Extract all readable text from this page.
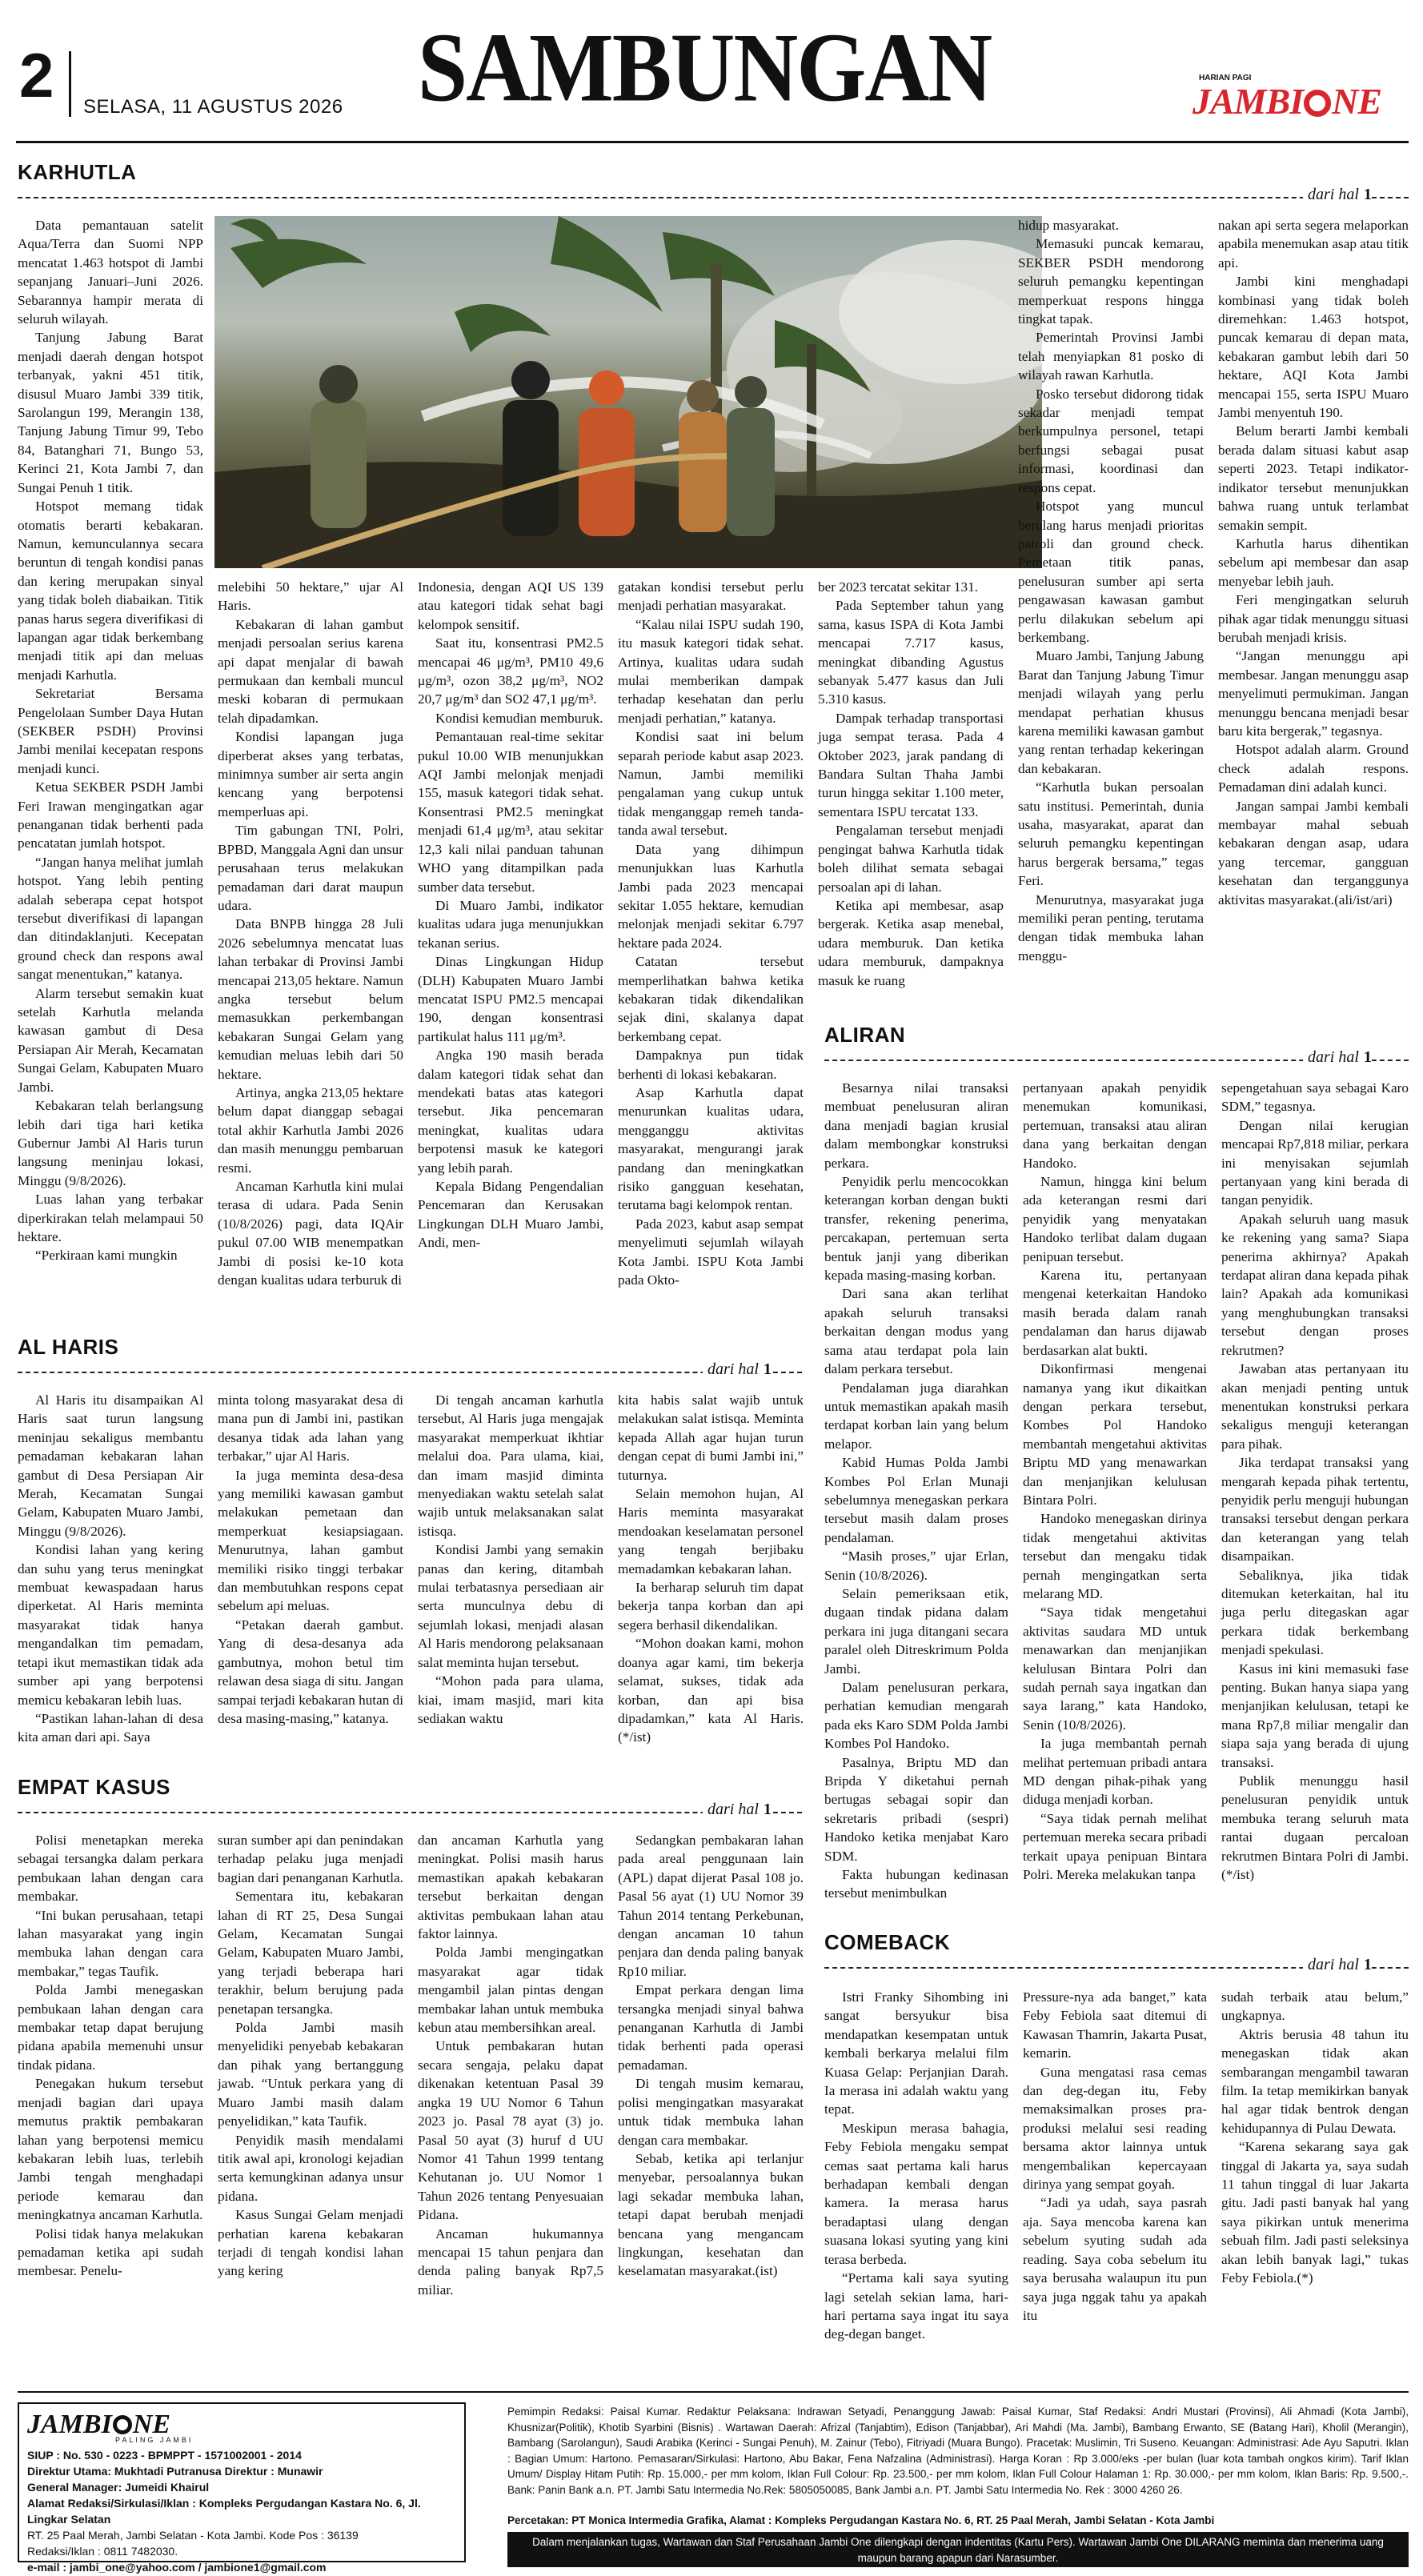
2 SELASA, 11 AGUSTUS 2026 SAMBUNGAN	HARIAN PAGI
JAMBI NE
KARHUTLA
dari hal 1

Data pemantauan satelit Aqua/Terra dan Suomi NPP mencatat 1.463 hotspot di Jambi sepanjang Januari–Juni 2026. Sebarannya hampir merata di seluruh wilayah.

Tanjung Jabung Barat menjadi daerah dengan hotspot terbanyak, yakni 451 titik, disusul Muaro Jambi 339 titik, Sarolangun 199, Merangin 138, Tanjung Jabung Timur 99, Tebo 84, Batanghari 71, Bungo 53, Kerinci 21, Kota Jambi 7, dan Sungai Penuh 1 titik.

Hotspot memang tidak otomatis berarti kebakaran. Namun, kemunculannya secara beruntun di tengah kondisi panas dan kering merupakan sinyal yang tidak boleh diabaikan. Titik panas harus segera diverifikasi di lapangan agar tidak berkembang menjadi titik api dan meluas menjadi Karhutla.

Sekretariat Bersama Pengelolaan Sumber Daya Hutan (SEKBER PSDH) Provinsi Jambi menilai kecepatan respons menjadi kunci.

Ketua SEKBER PSDH Jambi Feri Irawan mengingatkan agar penanganan tidak berhenti pada pencatatan jumlah hotspot.

“Jangan hanya melihat jumlah hotspot. Yang lebih penting adalah seberapa cepat hotspot tersebut diverifikasi di lapangan dan ditindaklanjuti. Kecepatan ground check dan respons awal sangat menentukan,” katanya.

Alarm tersebut semakin kuat setelah Karhutla melanda kawasan gambut di Desa Persiapan Air Merah, Kecamatan Sungai Gelam, Kabupaten Muaro Jambi.

Kebakaran telah berlangsung lebih dari tiga hari ketika Gubernur Jambi Al Haris turun langsung meninjau lokasi, Minggu (9/8/2026).

Luas lahan yang terbakar diperkirakan telah melampaui 50 hektare.

“Perkiraan kami mungkin

melebihi 50 hektare,” ujar Al Haris.

Kebakaran di lahan gambut menjadi persoalan serius karena api dapat menjalar di bawah permukaan dan kembali muncul meski kobaran di permukaan telah dipadamkan.

Kondisi lapangan juga diperberat akses yang terbatas, minimnya sumber air serta angin kencang yang berpotensi memperluas api.

Tim gabungan TNI, Polri, BPBD, Manggala Agni dan unsur perusahaan terus melakukan pemadaman dari darat maupun udara.

Data BNPB hingga 28 Juli 2026 sebelumnya mencatat luas lahan terbakar di Provinsi Jambi mencapai 213,05 hektare. Namun angka tersebut belum memasukkan perkembangan kebakaran Sungai Gelam yang kemudian meluas lebih dari 50 hektare.

Artinya, angka 213,05 hektare belum dapat dianggap sebagai total akhir Karhutla Jambi 2026 dan masih menunggu pembaruan resmi.

Ancaman Karhutla kini mulai terasa di udara. Pada Senin (10/8/2026) pagi, data IQAir pukul 07.00 WIB menempatkan Jambi di posisi ke-10 kota dengan kualitas udara terburuk di

Indonesia, dengan AQI US 139 atau kategori tidak sehat bagi kelompok sensitif.

Saat itu, konsentrasi PM2.5 mencapai 46 μg/m³, PM10 49,6 μg/m³, ozon 38,2 μg/m³, NO2 20,7 μg/m³ dan SO2 47,1 μg/m³.

Kondisi kemudian memburuk.

Pemantauan real-time sekitar pukul 10.00 WIB menunjukkan AQI Jambi melonjak menjadi 155, masuk kategori tidak sehat. Konsentrasi PM2.5 meningkat menjadi 61,4 μg/m³, atau sekitar 12,3 kali nilai panduan tahunan WHO yang ditampilkan pada sumber data tersebut.

Di Muaro Jambi, indikator kualitas udara juga menunjukkan tekanan serius.

Dinas Lingkungan Hidup (DLH) Kabupaten Muaro Jambi mencatat ISPU PM2.5 mencapai 190, dengan konsentrasi partikulat halus 111 μg/m³.

Angka 190 masih berada dalam kategori tidak sehat dan mendekati batas atas kategori tersebut. Jika pencemaran meningkat, kualitas udara berpotensi masuk ke kategori yang lebih parah.

Kepala Bidang Pengendalian Pencemaran dan Kerusakan Lingkungan DLH Muaro Jambi, Andi, men-

gatakan kondisi tersebut perlu menjadi perhatian masyarakat.

“Kalau nilai ISPU sudah 190, itu masuk kategori tidak sehat. Artinya, kualitas udara sudah mulai memberikan dampak terhadap kesehatan dan perlu menjadi perhatian,” katanya.

Kondisi saat ini belum separah periode kabut asap 2023. Namun, Jambi memiliki pengalaman yang cukup untuk tidak menganggap remeh tanda-tanda awal tersebut.

Data yang dihimpun menunjukkan luas Karhutla Jambi pada 2023 mencapai sekitar 1.055 hektare, kemudian melonjak menjadi sekitar 6.797 hektare pada 2024.

Catatan tersebut memperlihatkan bahwa ketika kebakaran tidak dikendalikan sejak dini, skalanya dapat berkembang cepat.

Dampaknya pun tidak berhenti di lokasi kebakaran.

Asap Karhutla dapat menurunkan kualitas udara, mengganggu aktivitas masyarakat, mengurangi jarak pandang dan meningkatkan risiko gangguan kesehatan, terutama bagi kelompok rentan.

Pada 2023, kabut asap sempat menyelimuti sejumlah wilayah Kota Jambi. ISPU Kota Jambi pada Okto-

ber 2023 tercatat sekitar 131.

Pada September tahun yang sama, kasus ISPA di Kota Jambi mencapai 7.717 kasus, meningkat dibanding Agustus sebanyak 5.477 kasus dan Juli 5.310 kasus.

Dampak terhadap transportasi juga sempat terasa. Pada 4 Oktober 2023, jarak pandang di Bandara Sultan Thaha Jambi turun hingga sekitar 1.100 meter, sementara ISPU tercatat 133.

Pengalaman tersebut menjadi pengingat bahwa Karhutla tidak boleh dilihat semata sebagai persoalan api di lahan.

Ketika api membesar, asap bergerak. Ketika asap menebal, udara memburuk. Dan ketika udara memburuk, dampaknya masuk ke ruang

hidup masyarakat.

Memasuki puncak kemarau, SEKBER PSDH mendorong seluruh pemangku kepentingan memperkuat respons hingga tingkat tapak.

Pemerintah Provinsi Jambi telah menyiapkan 81 posko di wilayah rawan Karhutla.

Posko tersebut didorong tidak sekadar menjadi tempat berkumpulnya personel, tetapi berfungsi sebagai pusat informasi, koordinasi dan respons cepat.

Hotspot yang muncul berulang harus menjadi prioritas patroli dan ground check. Pemetaan titik panas, penelusuran sumber api serta pengawasan kawasan gambut perlu dilakukan sebelum api berkembang.

Muaro Jambi, Tanjung Jabung Barat dan Tanjung Jabung Timur menjadi wilayah yang perlu mendapat perhatian khusus karena memiliki kawasan gambut yang rentan terhadap kekeringan dan kebakaran.

“Karhutla bukan persoalan satu institusi. Pemerintah, dunia usaha, masyarakat, aparat dan seluruh pemangku kepentingan harus bergerak bersama,” tegas Feri.

Menurutnya, masyarakat juga memiliki peran penting, terutama dengan tidak membuka lahan menggu-

nakan api serta segera melaporkan apabila menemukan asap atau titik api.

Jambi kini menghadapi kombinasi yang tidak boleh diremehkan: 1.463 hotspot, puncak kemarau di depan mata, kebakaran gambut lebih dari 50 hektare, AQI Kota Jambi mencapai 155, serta ISPU Muaro Jambi menyentuh 190.

Belum berarti Jambi kembali berada dalam situasi kabut asap seperti 2023. Tetapi indikator-indikator tersebut menunjukkan bahwa ruang untuk terlambat semakin sempit.

Karhutla harus dihentikan sebelum api membesar dan asap menyebar lebih jauh.

Feri mengingatkan seluruh pihak agar tidak menunggu situasi berubah menjadi krisis.

“Jangan menunggu api membesar. Jangan menunggu asap menyelimuti permukiman. Jangan menunggu bencana menjadi besar baru kita bergerak,” tegasnya.

Hotspot adalah alarm. Ground check adalah respons. Pemadaman dini adalah kunci.

Jangan sampai Jambi kembali membayar mahal sebuah kebakaran dengan asap, udara yang tercemar, gangguan kesehatan dan terganggunya aktivitas masyarakat.(ali/ist/ari)

AL HARIS
dari hal 1

Al Haris itu disampaikan Al Haris saat turun langsung meninjau sekaligus membantu pemadaman kebakaran lahan gambut di Desa Persiapan Air Merah, Kecamatan Sungai Gelam, Kabupaten Muaro Jambi, Minggu (9/8/2026).

Kondisi lahan yang kering dan suhu yang terus meningkat membuat kewaspadaan harus diperketat. Al Haris meminta masyarakat tidak hanya mengandalkan tim pemadam, tetapi ikut memastikan tidak ada sumber api yang berpotensi memicu kebakaran lebih luas.

“Pastikan lahan-lahan di desa kita aman dari api. Saya

minta tolong masyarakat desa di mana pun di Jambi ini, pastikan desanya tidak ada lahan yang terbakar,” ujar Al Haris.

Ia juga meminta desa-desa yang memiliki kawasan gambut melakukan pemetaan dan memperkuat kesiapsiagaan. Menurutnya, lahan gambut memiliki risiko tinggi terbakar dan membutuhkan respons cepat sebelum api meluas.

“Petakan daerah gambut. Yang di desa-desanya ada gambutnya, mohon betul tim relawan desa siaga di situ. Jangan sampai terjadi kebakaran hutan di desa masing-masing,” katanya.

Di tengah ancaman karhutla tersebut, Al Haris juga mengajak masyarakat memperkuat ikhtiar melalui doa. Para ulama, kiai, dan imam masjid diminta menyediakan waktu setelah salat wajib untuk melaksanakan salat istisqa.

Kondisi Jambi yang semakin panas dan kering, ditambah mulai terbatasnya persediaan air serta munculnya debu di sejumlah lokasi, menjadi alasan Al Haris mendorong pelaksanaan salat meminta hujan tersebut.

“Mohon pada para ulama, kiai, imam masjid, mari kita sediakan waktu

kita habis salat wajib untuk melakukan salat istisqa. Meminta kepada Allah agar hujan turun dengan cepat di bumi Jambi ini,” tuturnya.

Selain memohon hujan, Al Haris meminta masyarakat mendoakan keselamatan personel yang tengah berjibaku memadamkan kebakaran lahan.

Ia berharap seluruh tim dapat bekerja tanpa korban dan api segera berhasil dikendalikan.

“Mohon doakan kami, mohon doanya agar kami, tim bekerja selamat, sukses, tidak ada korban, dan api bisa dipadamkan,” kata Al Haris.(*/ist)

EMPAT KASUS
dari hal 1

Polisi menetapkan mereka sebagai tersangka dalam perkara pembukaan lahan dengan cara membakar.

“Ini bukan perusahaan, tetapi lahan masyarakat yang ingin membuka lahan dengan cara membakar,” tegas Taufik.

Polda Jambi menegaskan pembukaan lahan dengan cara membakar tetap dapat berujung pidana apabila memenuhi unsur tindak pidana.

Penegakan hukum tersebut menjadi bagian dari upaya memutus praktik pembakaran lahan yang berpotensi memicu kebakaran lebih luas, terlebih Jambi tengah menghadapi periode kemarau dan meningkatnya ancaman Karhutla.

Polisi tidak hanya melakukan pemadaman ketika api sudah membesar. Penelu-

suran sumber api dan penindakan terhadap pelaku juga menjadi bagian dari penanganan Karhutla.

Sementara itu, kebakaran lahan di RT 25, Desa Sungai Gelam, Kecamatan Sungai Gelam, Kabupaten Muaro Jambi, yang terjadi beberapa hari terakhir, belum berujung pada penetapan tersangka.

Polda Jambi masih menyelidiki penyebab kebakaran dan pihak yang bertanggung jawab. “Untuk perkara yang di Muaro Jambi masih dalam penyelidikan,” kata Taufik.

Penyidik masih mendalami titik awal api, kronologi kejadian serta kemungkinan adanya unsur pidana.

Kasus Sungai Gelam menjadi perhatian karena kebakaran terjadi di tengah kondisi lahan yang kering

dan ancaman Karhutla yang meningkat. Polisi masih harus memastikan apakah kebakaran tersebut berkaitan dengan aktivitas pembukaan lahan atau faktor lainnya.

Polda Jambi mengingatkan masyarakat agar tidak mengambil jalan pintas dengan membakar lahan untuk membuka kebun atau membersihkan areal.

Untuk pembakaran hutan secara sengaja, pelaku dapat dikenakan ketentuan Pasal 39 angka 19 UU Nomor 6 Tahun 2023 jo. Pasal 78 ayat (3) jo. Pasal 50 ayat (3) huruf d UU Nomor 41 Tahun 1999 tentang Kehutanan jo. UU Nomor 1 Tahun 2026 tentang Penyesuaian Pidana.

Ancaman hukumannya mencapai 15 tahun penjara dan denda paling banyak Rp7,5 miliar.

Sedangkan pembakaran lahan pada areal penggunaan lain (APL) dapat dijerat Pasal 108 jo. Pasal 56 ayat (1) UU Nomor 39 Tahun 2014 tentang Perkebunan, dengan ancaman 10 tahun penjara dan denda paling banyak Rp10 miliar.

Empat perkara dengan lima tersangka menjadi sinyal bahwa penanganan Karhutla di Jambi tidak berhenti pada operasi pemadaman.

Di tengah musim kemarau, polisi mengingatkan masyarakat untuk tidak membuka lahan dengan cara membakar.

Sebab, ketika api terlanjur menyebar, persoalannya bukan lagi sekadar membuka lahan, tetapi dapat berubah menjadi bencana yang mengancam lingkungan, kesehatan dan keselamatan masyarakat.(ist)

ALIRAN
dari hal 1

Besarnya nilai transaksi membuat penelusuran aliran dana menjadi bagian krusial dalam membongkar konstruksi perkara.

Penyidik perlu mencocokkan keterangan korban dengan bukti transfer, rekening penerima, percakapan, pertemuan serta bentuk janji yang diberikan kepada masing-masing korban.

Dari sana akan terlihat apakah seluruh transaksi berkaitan dengan modus yang sama atau terdapat pola lain dalam perkara tersebut.

Pendalaman juga diarahkan untuk memastikan apakah masih terdapat korban lain yang belum melapor.

Kabid Humas Polda Jambi Kombes Pol Erlan Munaji sebelumnya menegaskan perkara tersebut masih dalam proses pendalaman.

“Masih proses,” ujar Erlan, Senin (10/8/2026).

Selain pemeriksaan etik, dugaan tindak pidana dalam perkara ini juga ditangani secara paralel oleh Ditreskrimum Polda Jambi.

Dalam penelusuran perkara, perhatian kemudian mengarah pada eks Karo SDM Polda Jambi Kombes Pol Handoko.

Pasalnya, Briptu MD dan Bripda Y diketahui pernah bertugas sebagai sopir dan sekretaris pribadi (sespri) Handoko ketika menjabat Karo SDM.

Fakta hubungan kedinasan tersebut menimbulkan

pertanyaan apakah penyidik menemukan komunikasi, pertemuan, transaksi atau aliran dana yang berkaitan dengan Handoko.

Namun, hingga kini belum ada keterangan resmi dari penyidik yang menyatakan Handoko terlibat dalam dugaan penipuan tersebut.

Karena itu, pertanyaan mengenai keterkaitan Handoko masih berada dalam ranah pendalaman dan harus dijawab berdasarkan alat bukti.

Dikonfirmasi mengenai namanya yang ikut dikaitkan dengan perkara tersebut, Kombes Pol Handoko membantah mengetahui aktivitas Briptu MD yang menawarkan dan menjanjikan kelulusan Bintara Polri.

Handoko menegaskan dirinya tidak mengetahui aktivitas tersebut dan mengaku tidak pernah mengingatkan serta melarang MD.

“Saya tidak mengetahui aktivitas saudara MD untuk menawarkan dan menjanjikan kelulusan Bintara Polri dan sudah pernah saya ingatkan dan saya larang,” kata Handoko, Senin (10/8/2026).

Ia juga membantah pernah melihat pertemuan pribadi antara MD dengan pihak-pihak yang diduga menjadi korban.

“Saya tidak pernah melihat pertemuan mereka secara pribadi terkait upaya penipuan Bintara Polri. Mereka melakukan tanpa

sepengetahuan saya sebagai Karo SDM,” tegasnya.

Dengan nilai kerugian mencapai Rp7,818 miliar, perkara ini menyisakan sejumlah pertanyaan yang kini berada di tangan penyidik.

Apakah seluruh uang masuk ke rekening yang sama? Siapa penerima akhirnya? Apakah terdapat aliran dana kepada pihak lain? Apakah ada komunikasi yang menghubungkan transaksi tersebut dengan proses rekrutmen?

Jawaban atas pertanyaan itu akan menjadi penting untuk menentukan konstruksi perkara sekaligus menguji keterangan para pihak.

Jika terdapat transaksi yang mengarah kepada pihak tertentu, penyidik perlu menguji hubungan transaksi tersebut dengan perkara dan keterangan yang telah disampaikan.

Sebaliknya, jika tidak ditemukan keterkaitan, hal itu juga perlu ditegaskan agar perkara tidak berkembang menjadi spekulasi.

Kasus ini kini memasuki fase penting. Bukan hanya siapa yang menjanjikan kelulusan, tetapi ke mana Rp7,8 miliar mengalir dan siapa saja yang berada di ujung transaksi.

Publik menunggu hasil penelusuran penyidik untuk membuka terang seluruh mata rantai dugaan percaloan rekrutmen Bintara Polri di Jambi.(*/ist)

COMEBACK
dari hal 1

Istri Franky Sihombing ini sangat bersyukur bisa mendapatkan kesempatan untuk kembali berkarya melalui film Kuasa Gelap: Perjanjian Darah. Ia merasa ini adalah waktu yang tepat.

Meskipun merasa bahagia, Feby Febiola mengaku sempat cemas saat pertama kali harus berhadapan kembali dengan kamera. Ia merasa harus beradaptasi ulang dengan suasana lokasi syuting yang kini terasa berbeda.

“Pertama kali saya syuting lagi setelah sekian lama, hari-hari pertama saya ingat itu saya deg-degan banget.

Pressure-nya ada banget,” kata Feby Febiola saat ditemui di Kawasan Thamrin, Jakarta Pusat, kemarin.

Guna mengatasi rasa cemas dan deg-degan itu, Feby memaksimalkan proses pra-produksi melalui sesi reading bersama aktor lainnya untuk mengembalikan kepercayaan dirinya yang sempat goyah.

“Jadi ya udah, saya pasrah aja. Saya mencoba karena kan sebelum syuting sudah ada reading. Saya coba sebelum itu saya berusaha walaupun itu pun saya juga nggak tahu ya apakah itu

sudah terbaik atau belum,” ungkapnya.

Aktris berusia 48 tahun itu menegaskan tidak akan sembarangan mengambil tawaran film. Ia tetap memikirkan banyak hal agar tidak bentrok dengan kehidupannya di Pulau Dewata.

“Karena sekarang saya gak tinggal di Jakarta ya, saya sudah 11 tahun tinggal di luar Jakarta gitu. Jadi pasti banyak hal yang saya pikirkan untuk menerima sebuah film. Jadi pasti seleksinya akan lebih banyak lagi,” tukas Feby Febiola.(*)

JAMBI NE
PALING JAMBI
SIUP : No. 530 - 0223 - BPMPPT - 1571002001 - 2014
Direktur Utama: Mukhtadi Putranusa Direktur : Munawir
General Manager: Jumeidi Khairul
Alamat Redaksi/Sirkulasi/Iklan : Kompleks Pergudangan Kastara No. 6, Jl. Lingkar Selatan
RT. 25 Paal Merah, Jambi Selatan - Kota Jambi. Kode Pos : 36139
Redaksi/Iklan : 0811 7482030.
e-mail : jambi_one@yahoo.com / jambione1@gmail.com
Pemimpin Redaksi: Paisal Kumar. Redaktur Pelaksana: Indrawan Setyadi, Penanggung Jawab: Paisal Kumar, Staf Redaksi: Andri Mustari (Provinsi), Ali Ahmadi (Kota Jambi), Khusnizar(Politik), Khotib Syarbini (Bisnis) . Wartawan Daerah: Afrizal (Tanjabtim), Edison (Tanjabbar), Ari Mahdi (Ma. Jambi), Bambang Erwanto, SE (Batang Hari), Kholil (Merangin), Bambang (Sarolangun), Saudi Arabika (Kerinci - Sungai Penuh), M. Zainur (Tebo), Fitriyadi (Muara Bungo). Pracetak: Muslimin, Tri Suseno. Keuangan: Administrasi: Ade Ayu Saputri. Iklan : Bagian Umum: Hartono. Pemasaran/Sirkulasi: Hartono, Abu Bakar, Fena Nafzalina (Administrasi). Harga Koran : Rp 3.000/eks -per bulan (luar kota tambah ongkos kirim). Tarif Iklan Umum/ Display Hitam Putih: Rp. 15.000,- per mm kolom, Iklan Full Colour: Rp. 23.500,- per mm kolom, Iklan Full Colour Halaman 1: Rp. 30.000,- per mm kolom, Iklan Baris: Rp. 9.500,-. Bank: Panin Bank a.n. PT. Jambi Satu Intermedia No.Rek: 5805050085, Bank Jambi a.n. PT. Jambi Satu Intermedia No. Rek : 3000 4260 26.
Percetakan: PT Monica Intermedia Grafika, Alamat : Kompleks Pergudangan Kastara No. 6, RT. 25 Paal Merah, Jambi Selatan - Kota Jambi
Dalam menjalankan tugas, Wartawan dan Staf Perusahaan Jambi One dilengkapi dengan indentitas (Kartu Pers). Wartawan Jambi One DILARANG meminta dan menerima uang maupun barang apapun dari Narasumber.
